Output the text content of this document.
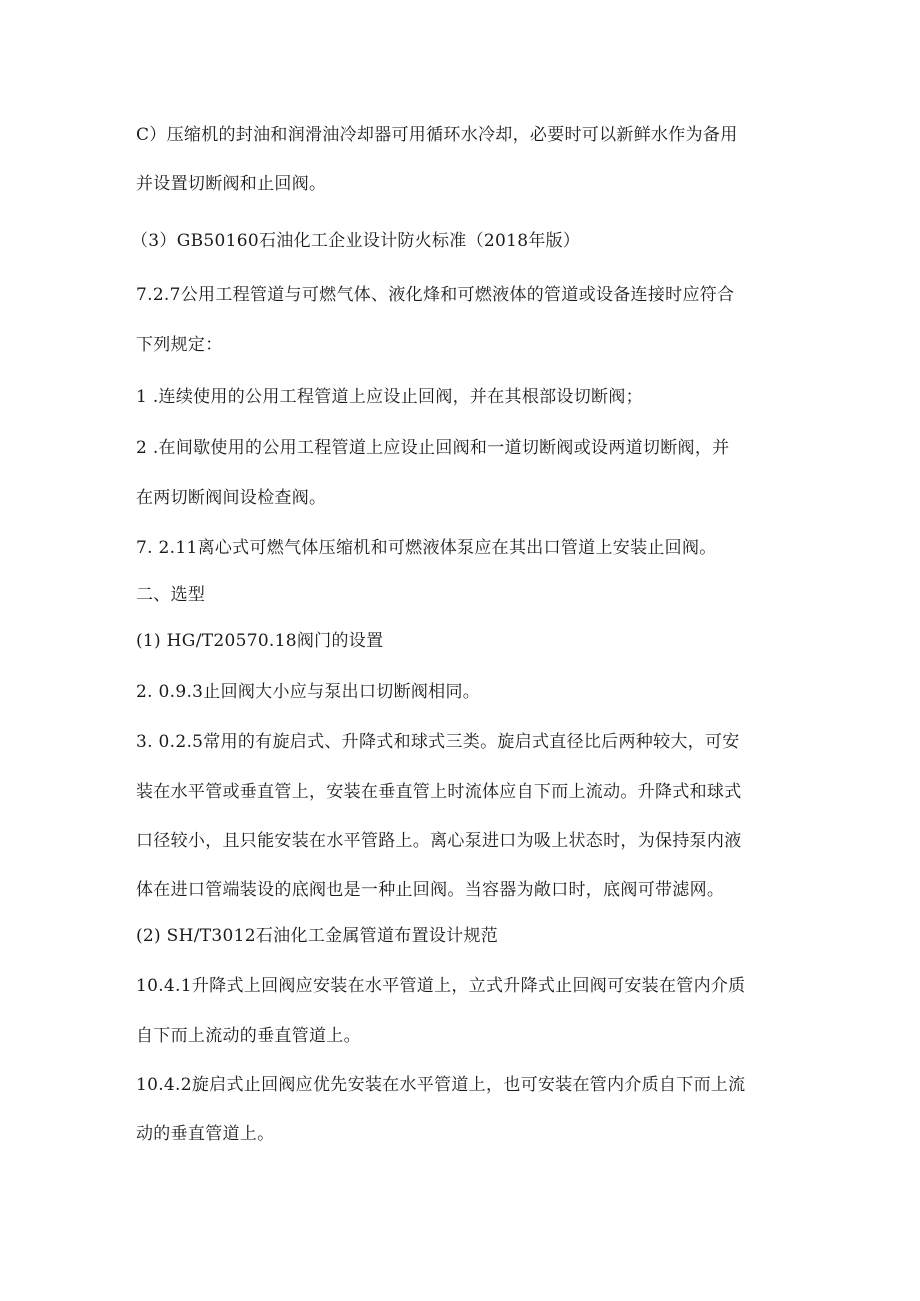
C）压缩机的封油和润滑油冷却器可用循环水冷却，必要时可以新鲜水作为备用
并设置切断阀和止回阀。
（3）GB50160石油化工企业设计防火标准（2018年版）
7.2.7公用工程管道与可燃气体、液化烽和可燃液体的管道或设备连接时应符合
下列规定：
1 .连续使用的公用工程管道上应设止回阀，并在其根部设切断阀；
2 .在间歇使用的公用工程管道上应设止回阀和一道切断阀或设两道切断阀，并
在两切断阀间设检查阀。
7. 2.11离心式可燃气体压缩机和可燃液体泵应在其出口管道上安装止回阀。
二、选型
(1) HG/T20570.18阀门的设置
2. 0.9.3止回阀大小应与泵出口切断阀相同。
3. 0.2.5常用的有旋启式、升降式和球式三类。旋启式直径比后两种较大，可安
装在水平管或垂直管上，安装在垂直管上时流体应自下而上流动。升降式和球式
口径较小，且只能安装在水平管路上。离心泵进口为吸上状态时，为保持泵内液
体在进口管端装设的底阀也是一种止回阀。当容器为敞口时，底阀可带滤网。
(2) SH/T3012石油化工金属管道布置设计规范
10.4.1升降式上回阀应安装在水平管道上，立式升降式止回阀可安装在管内介质
自下而上流动的垂直管道上。
10.4.2旋启式止回阀应优先安装在水平管道上，也可安装在管内介质自下而上流
动的垂直管道上。
